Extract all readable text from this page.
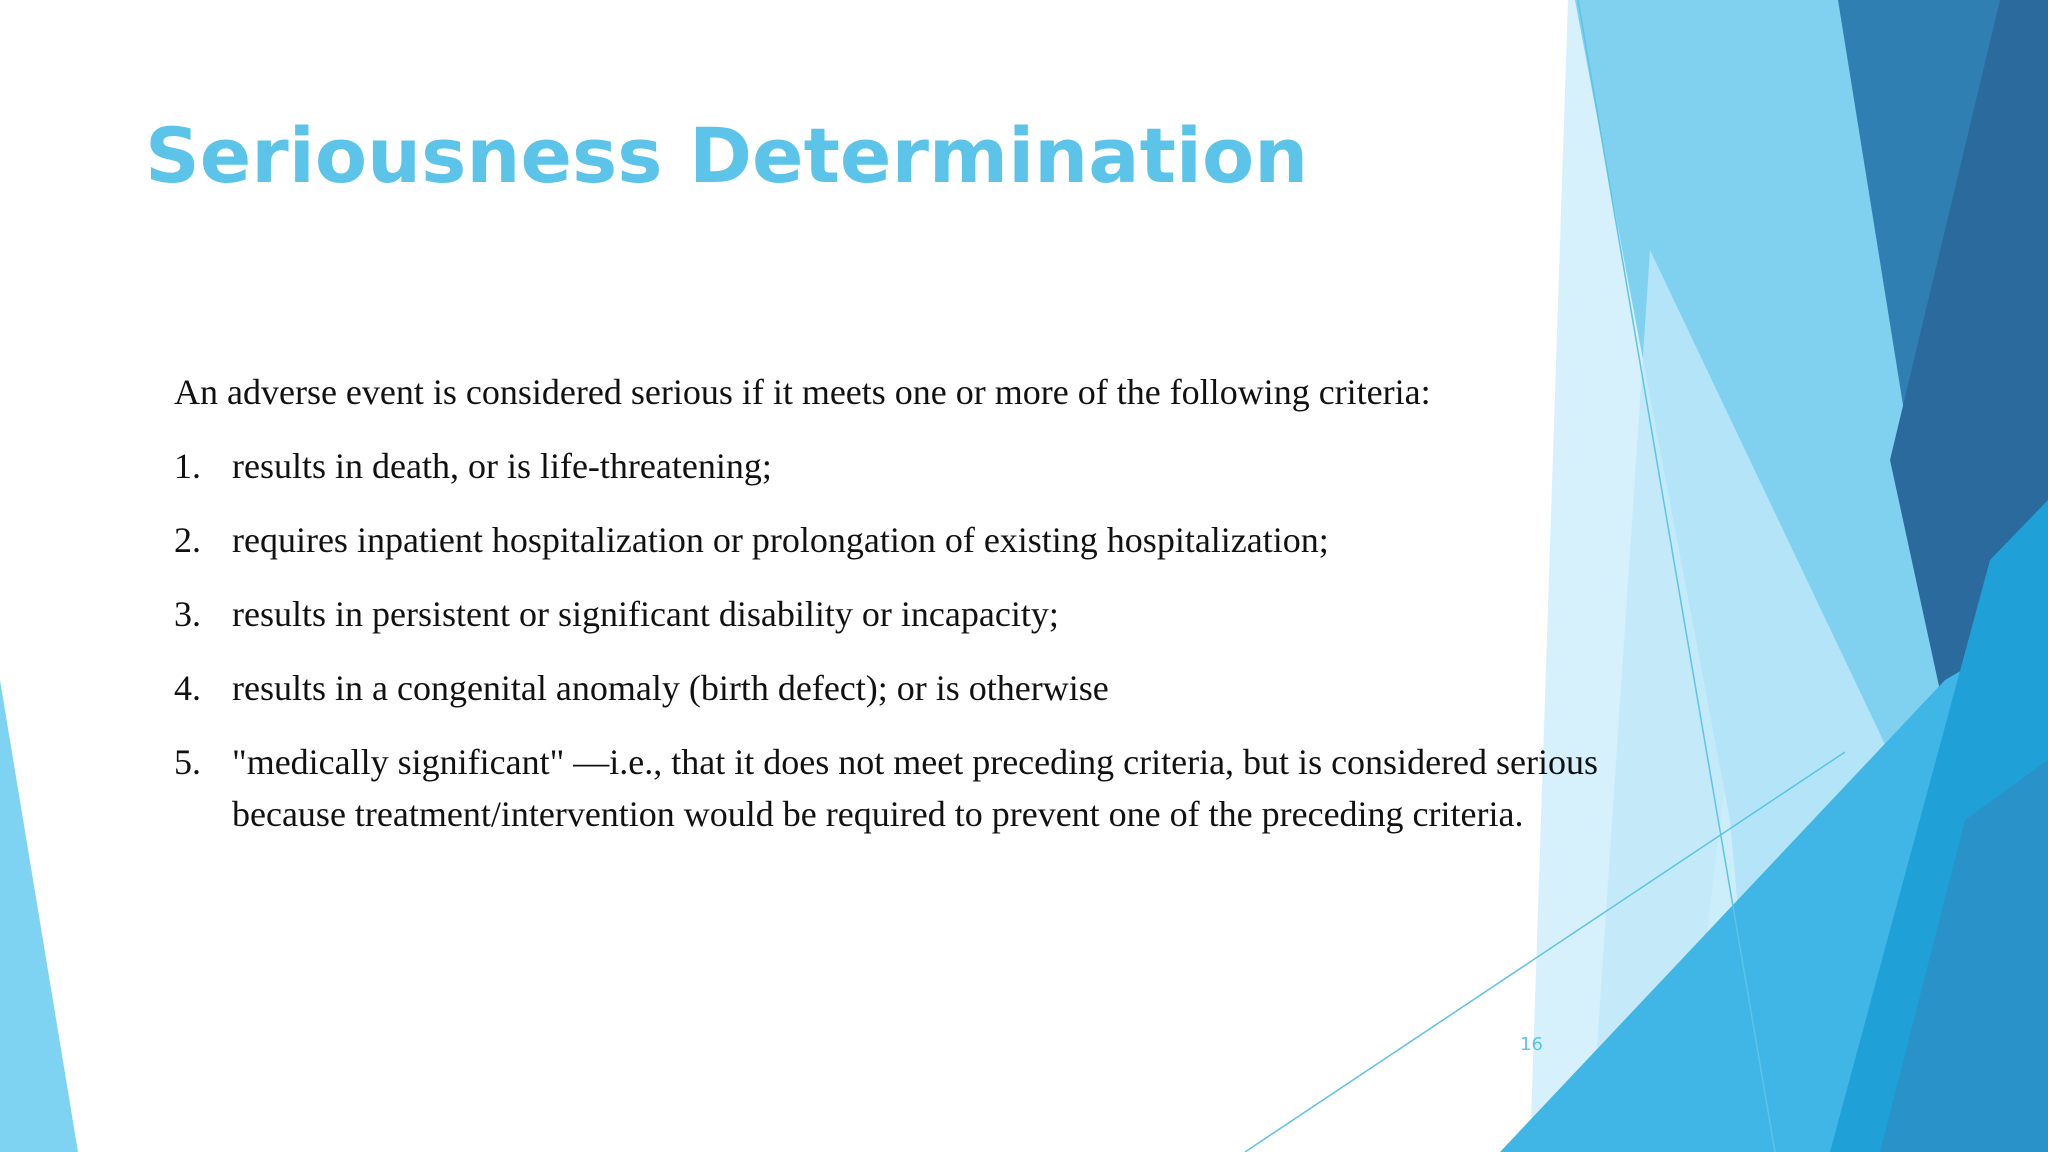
Seriousness Determination

An adverse event is considered serious if it meets one or more of the following criteria:

1. results in death, or is life-threatening;
2. requires inpatient hospitalization or prolongation of existing hospitalization;
3. results in persistent or significant disability or incapacity;
4. results in a congenital anomaly (birth defect); or is otherwise
5. "medically significant" —i.e., that it does not meet preceding criteria, but is considered serious because treatment/intervention would be required to prevent one of the preceding criteria.
16
